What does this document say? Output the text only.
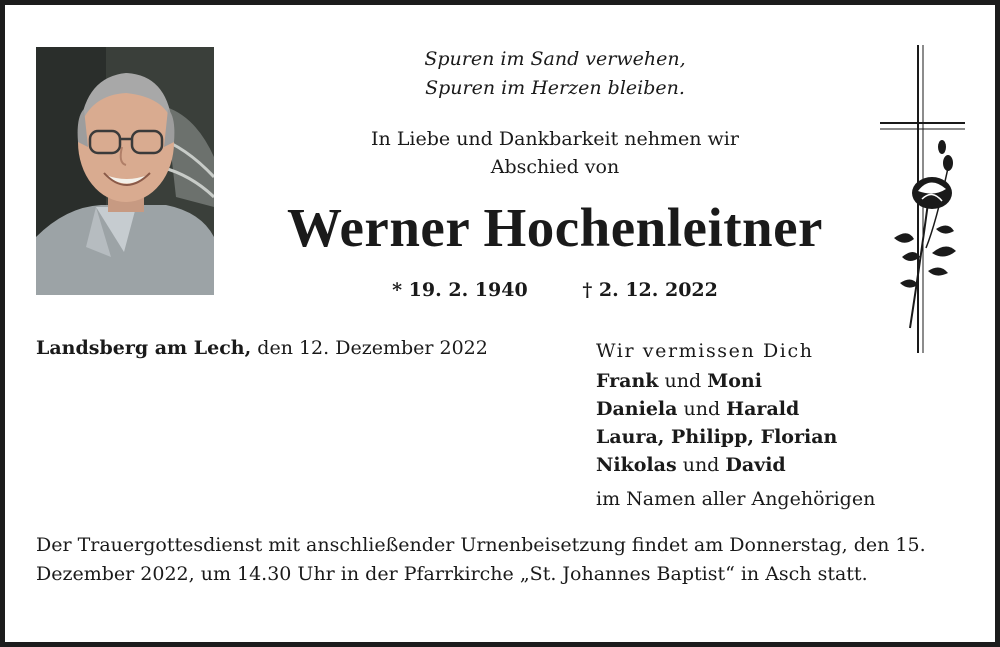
Spuren im Sand verwehen,
Spuren im Herzen bleiben.
In Liebe und Dankbarkeit nehmen wir
Abschied von
Werner Hochenleitner
* 19. 2. 1940	† 2. 12. 2022
Landsberg am Lech, den 12. Dezember 2022	Wir vermissen Dich
Frank und Moni
Daniela und Harald
Laura, Philipp, Florian
Nikolas und David
im Namen aller Angehörigen
Der Trauergottesdienst mit anschließender Urnenbeisetzung findet am Donnerstag, den 15. Dezember 2022, um 14.30 Uhr in der Pfarrkirche „St. Johannes Baptist“ in Asch statt.
